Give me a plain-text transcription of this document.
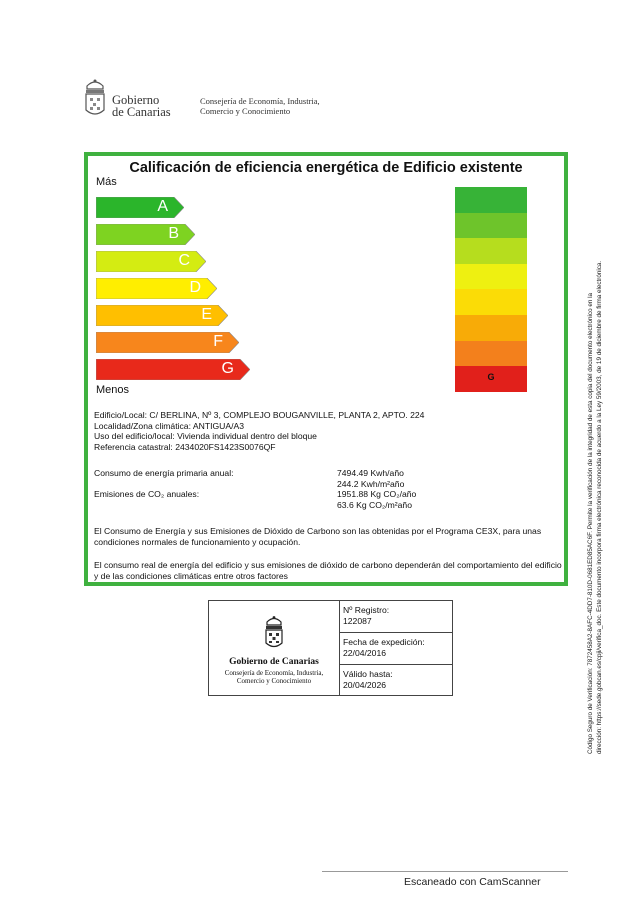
Gobierno
de Canarias
Consejería de Economía, Industria,
Comercio y Conocimiento
Calificación de eficiencia energética de Edificio existente
Más
A
B
C
D
E
F
G
Menos
G
Edificio/Local: C/ BERLINA, Nº 3, COMPLEJO BOUGANVILLE, PLANTA 2, APTO. 224
Localidad/Zona climática: ANTIGUA/A3
Uso del edificio/local: Vivienda individual dentro del bloque
Referencia catastral: 2434020FS1423S0076QF
Consumo de energía primaria anual:	7494.49 Kwh/año
244.2 Kwh/m²año
Emisiones de CO₂ anuales:	1951.88 Kg CO₂/año
63.6 Kg CO₂/m²año
El Consumo de Energía y sus Emisiones de Dióxido de Carbono son las obtenidas por el Programa CE3X, para unas condiciones normales de funcionamiento y ocupación.
El consumo real de energía del edificio y sus emisiones de dióxido de carbono dependerán del comportamiento del edificio y de las condiciones climáticas entre otros factores
Gobierno de Canarias
Consejería de Economía, Industria,
Comercio y Conocimiento
Nº Registro:
122087
Fecha de expedición:
22/04/2016
Válido hasta:
20/04/2026	Código Seguro de Verificación: 7872458A2-8AFC-4DD7-810D-0681ED85AC6F. Permite la verificación de la integridad de esta copia del documento electrónico en la dirección: https://sede.gobcan.es/cpji/verifica_doc. Este documento incorpora firma electrónica reconocida de acuerdo a la Ley 59/2003, de 19 de diciembre de firma electrónica.
Escaneado con CamScanner
